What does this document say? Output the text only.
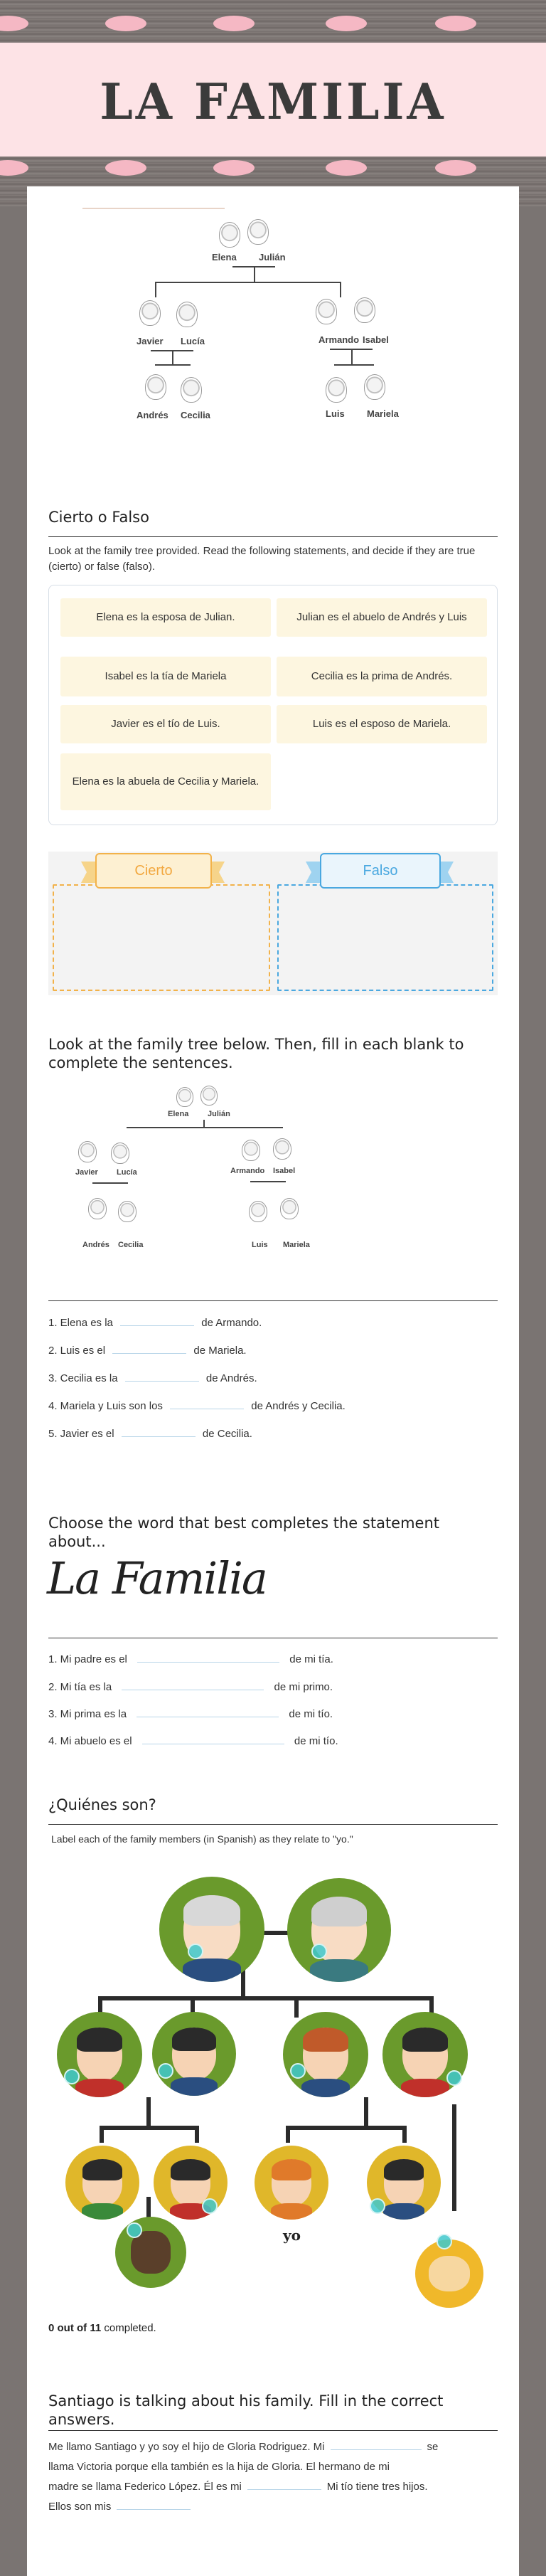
LA FAMILIA
Elena Julián
Javier Lucía	Armando Isabel
Andrés Cecilia	Luis Mariela
Cierto o Falso
Look at the family tree provided. Read the following statements, and decide if they are true (cierto) or false (falso).
Elena es la esposa de Julian.	Julian es el abuelo de Andrés y Luis
Isabel es la tía de Mariela	Cecilia es la prima de Andrés.
Javier es el tío de Luis.	Luis es el esposo de Mariela.
Elena es la abuela de Cecilia y Mariela.
Cierto	Falso
Look at the family tree below. Then, fill in each blank to complete the sentences.
Elena Julián
Javier Lucía	Armando Isabel
Andrés Cecilia	Luis Mariela
1. Elena es la	de Armando.
2. Luis es el	de Mariela.
3. Cecilia es la	de Andrés.
4. Mariela y Luis son los	de Andrés y Cecilia.
5. Javier es el	de Cecilia.
Choose the word that best completes the statement about...
La Familia
1. Mi padre es el	de mi tía.
2. Mi tía es la	de mi primo.
3. Mi prima es la	de mi tío.
4. Mi abuelo es el	de mi tío.
¿Quiénes son?
Label each of the family members (in Spanish) as they relate to "yo."
yo
0 out of 11 completed.
Santiago is talking about his family. Fill in the correct answers.
Me llamo Santiago y yo soy el hijo de Gloria Rodriguez. Mi	se
llama Victoria porque ella también es la hija de Gloria. El hermano de mi
madre se llama Federico López. Él es mi	Mi tío tiene tres hijos.
Ellos son mis
